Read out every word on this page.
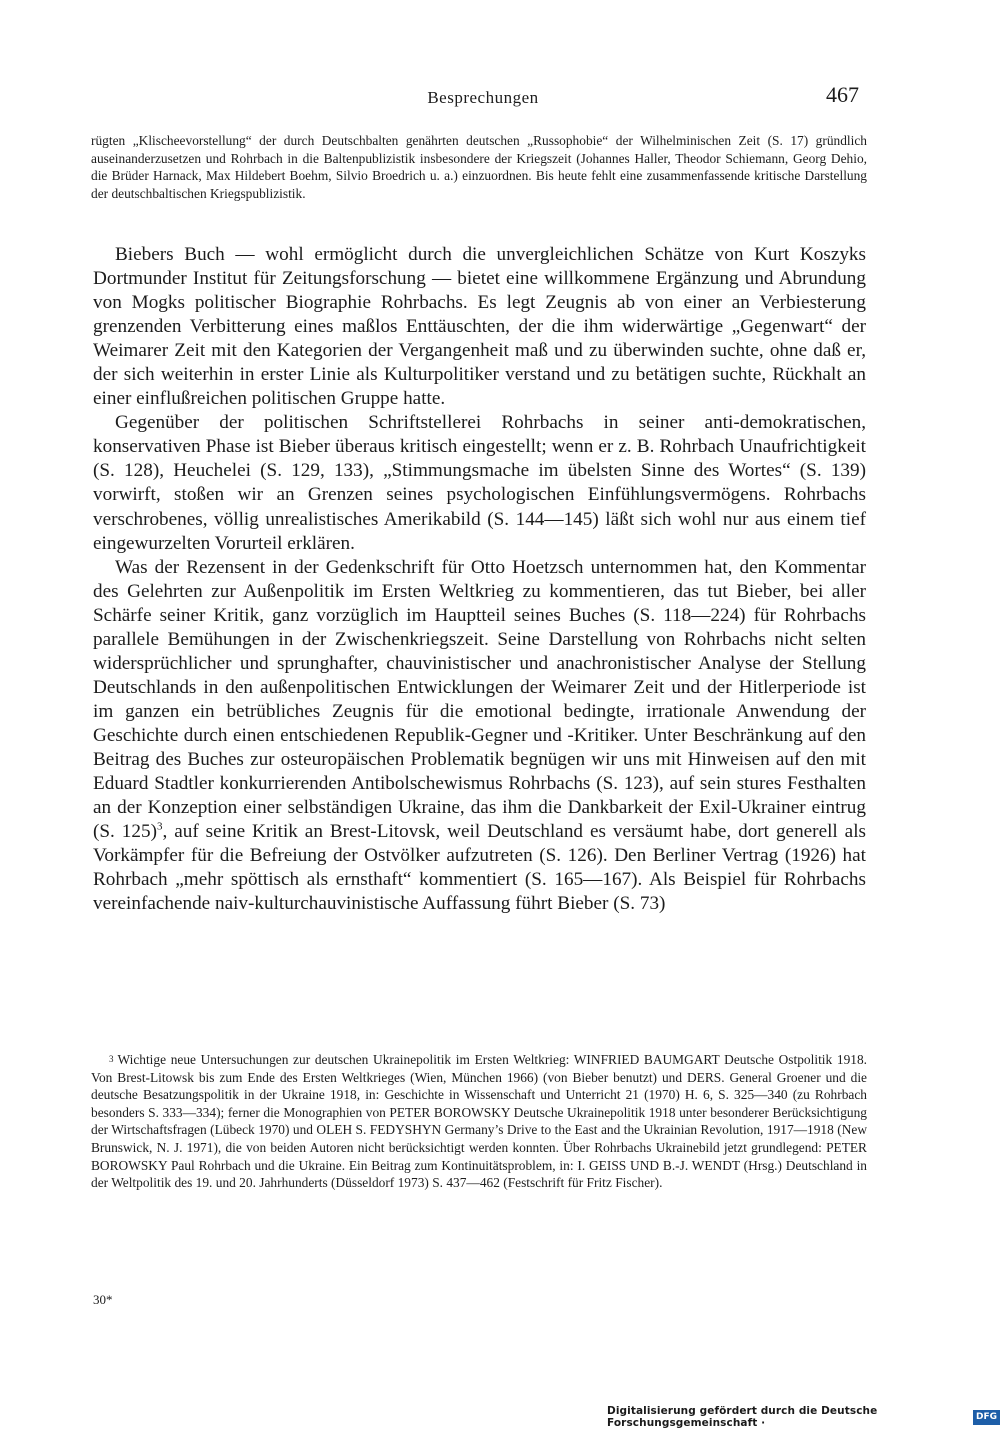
Besprechungen	467

rügten „Klischeevorstellung“ der durch Deutschbalten genährten deutschen „Russophobie“ der Wilhelminischen Zeit (S. 17) gründlich auseinanderzusetzen und Rohrbach in die Baltenpublizistik insbesondere der Kriegszeit (Johannes Haller, Theodor Schiemann, Georg Dehio, die Brüder Harnack, Max Hildebert Boehm, Silvio Broedrich u. a.) einzuordnen. Bis heute fehlt eine zusammenfassende kritische Darstellung der deutschbaltischen Kriegspublizistik.

Biebers Buch — wohl ermöglicht durch die unvergleichlichen Schätze von Kurt Koszyks Dortmunder Institut für Zeitungsforschung — bietet eine willkommene Ergänzung und Abrundung von Mogks politischer Biographie Rohrbachs. Es legt Zeugnis ab von einer an Verbiesterung grenzenden Verbitterung eines maßlos Enttäuschten, der die ihm widerwärtige „Gegenwart“ der Weimarer Zeit mit den Kategorien der Vergangenheit maß und zu überwinden suchte, ohne daß er, der sich weiterhin in erster Linie als Kulturpolitiker verstand und zu betätigen suchte, Rückhalt an einer einflußreichen politischen Gruppe hatte.

Gegenüber der politischen Schriftstellerei Rohrbachs in seiner anti-demokratischen, konservativen Phase ist Bieber überaus kritisch eingestellt; wenn er z. B. Rohrbach Unaufrichtigkeit (S. 128), Heuchelei (S. 129, 133), „Stimmungsmache im übelsten Sinne des Wortes“ (S. 139) vorwirft, stoßen wir an Grenzen seines psychologischen Einfühlungsvermögens. Rohrbachs verschrobenes, völlig unrealistisches Amerikabild (S. 144—145) läßt sich wohl nur aus einem tief eingewurzelten Vorurteil erklären.

Was der Rezensent in der Gedenkschrift für Otto Hoetzsch unternommen hat, den Kommentar des Gelehrten zur Außenpolitik im Ersten Weltkrieg zu kommentieren, das tut Bieber, bei aller Schärfe seiner Kritik, ganz vorzüglich im Hauptteil seines Buches (S. 118—224) für Rohrbachs parallele Bemühungen in der Zwischenkriegszeit. Seine Darstellung von Rohrbachs nicht selten widersprüchlicher und sprunghafter, chauvinistischer und anachronistischer Analyse der Stellung Deutschlands in den außenpolitischen Entwicklungen der Weimarer Zeit und der Hitlerperiode ist im ganzen ein betrübliches Zeugnis für die emotional bedingte, irrationale Anwendung der Geschichte durch einen entschiedenen Republik-Gegner und -Kritiker. Unter Beschränkung auf den Beitrag des Buches zur osteuropäischen Problematik begnügen wir uns mit Hinweisen auf den mit Eduard Stadtler konkurrierenden Antibolschewismus Rohrbachs (S. 123), auf sein stures Festhalten an der Konzeption einer selbständigen Ukraine, das ihm die Dankbarkeit der Exil-Ukrainer eintrug (S. 125)$^3$, auf seine Kritik an Brest-Litovsk, weil Deutschland es versäumt habe, dort generell als Vorkämpfer für die Befreiung der Ostvölker aufzutreten (S. 126). Den Berliner Vertrag (1926) hat Rohrbach „mehr spöttisch als ernsthaft“ kommentiert (S. 165—167). Als Beispiel für Rohrbachs vereinfachende naiv-kulturchauvinistische Auffassung führt Bieber (S. 73)

$^3$ Wichtige neue Untersuchungen zur deutschen Ukrainepolitik im Ersten Weltkrieg: WINFRIED BAUMGART Deutsche Ostpolitik 1918. Von Brest-Litowsk bis zum Ende des Ersten Weltkrieges (Wien, München 1966) (von Bieber benutzt) und DERS. General Groener und die deutsche Besatzungspolitik in der Ukraine 1918, in: Geschichte in Wissenschaft und Unterricht 21 (1970) H. 6, S. 325—340 (zu Rohrbach besonders S. 333—334); ferner die Monographien von PETER BOROWSKY Deutsche Ukrainepolitik 1918 unter besonderer Berücksichtigung der Wirtschaftsfragen (Lübeck 1970) und OLEH S. FEDYSHYN Germany’s Drive to the East and the Ukrainian Revolution, 1917—1918 (New Brunswick, N. J. 1971), die von beiden Autoren nicht berücksichtigt werden konnten. Über Rohrbachs Ukrainebild jetzt grundlegend: PETER BOROWSKY Paul Rohrbach und die Ukraine. Ein Beitrag zum Kontinuitätsproblem, in: I. GEISS UND B.-J. WENDT (Hrsg.) Deutschland in der Weltpolitik des 19. und 20. Jahrhunderts (Düsseldorf 1973) S. 437—462 (Festschrift für Fritz Fischer).

30*
Digitalisierung gefördert durch die Deutsche Forschungsgemeinschaft ·
DFG
